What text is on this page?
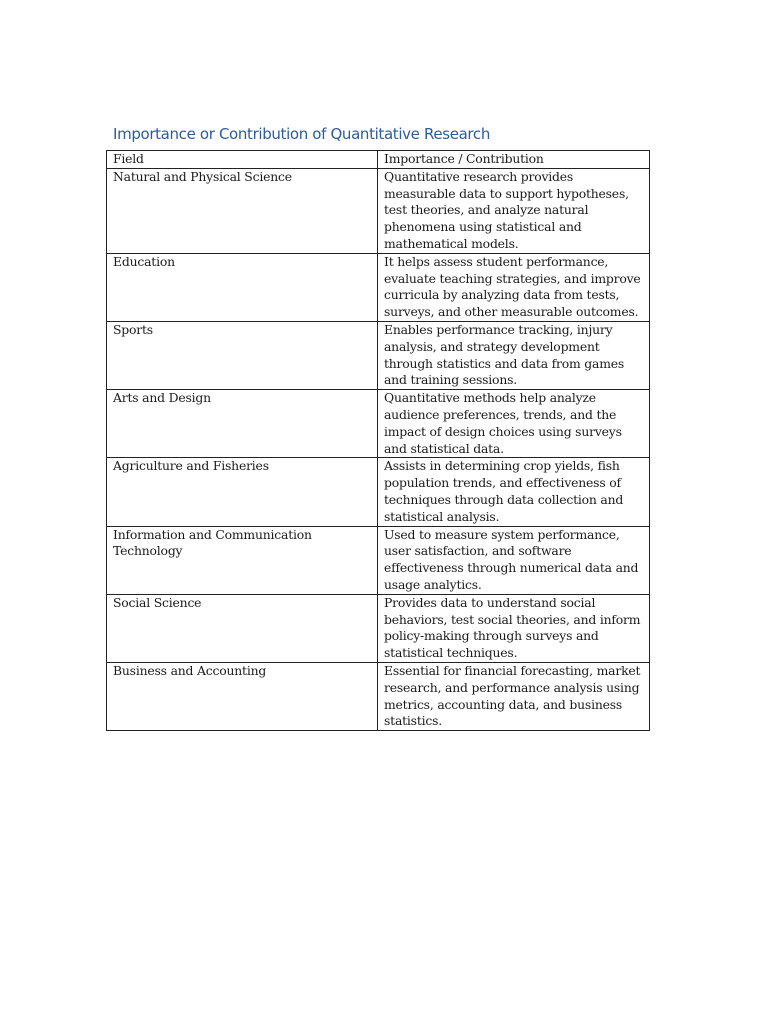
Importance or Contribution of Quantitative Research
Field	Importance / Contribution
Natural and Physical Science	Quantitative research provides measurable data to support hypotheses, test theories, and analyze natural phenomena using statistical and mathematical models.
Education	It helps assess student performance, evaluate teaching strategies, and improve curricula by analyzing data from tests, surveys, and other measurable outcomes.
Sports	Enables performance tracking, injury analysis, and strategy development through statistics and data from games and training sessions.
Arts and Design	Quantitative methods help analyze audience preferences, trends, and the impact of design choices using surveys and statistical data.
Agriculture and Fisheries	Assists in determining crop yields, fish population trends, and effectiveness of techniques through data collection and statistical analysis.
Information and Communication Technology	Used to measure system performance, user satisfaction, and software effectiveness through numerical data and usage analytics.
Social Science	Provides data to understand social behaviors, test social theories, and inform policy-making through surveys and statistical techniques.
Business and Accounting	Essential for financial forecasting, market research, and performance analysis using metrics, accounting data, and business statistics.
